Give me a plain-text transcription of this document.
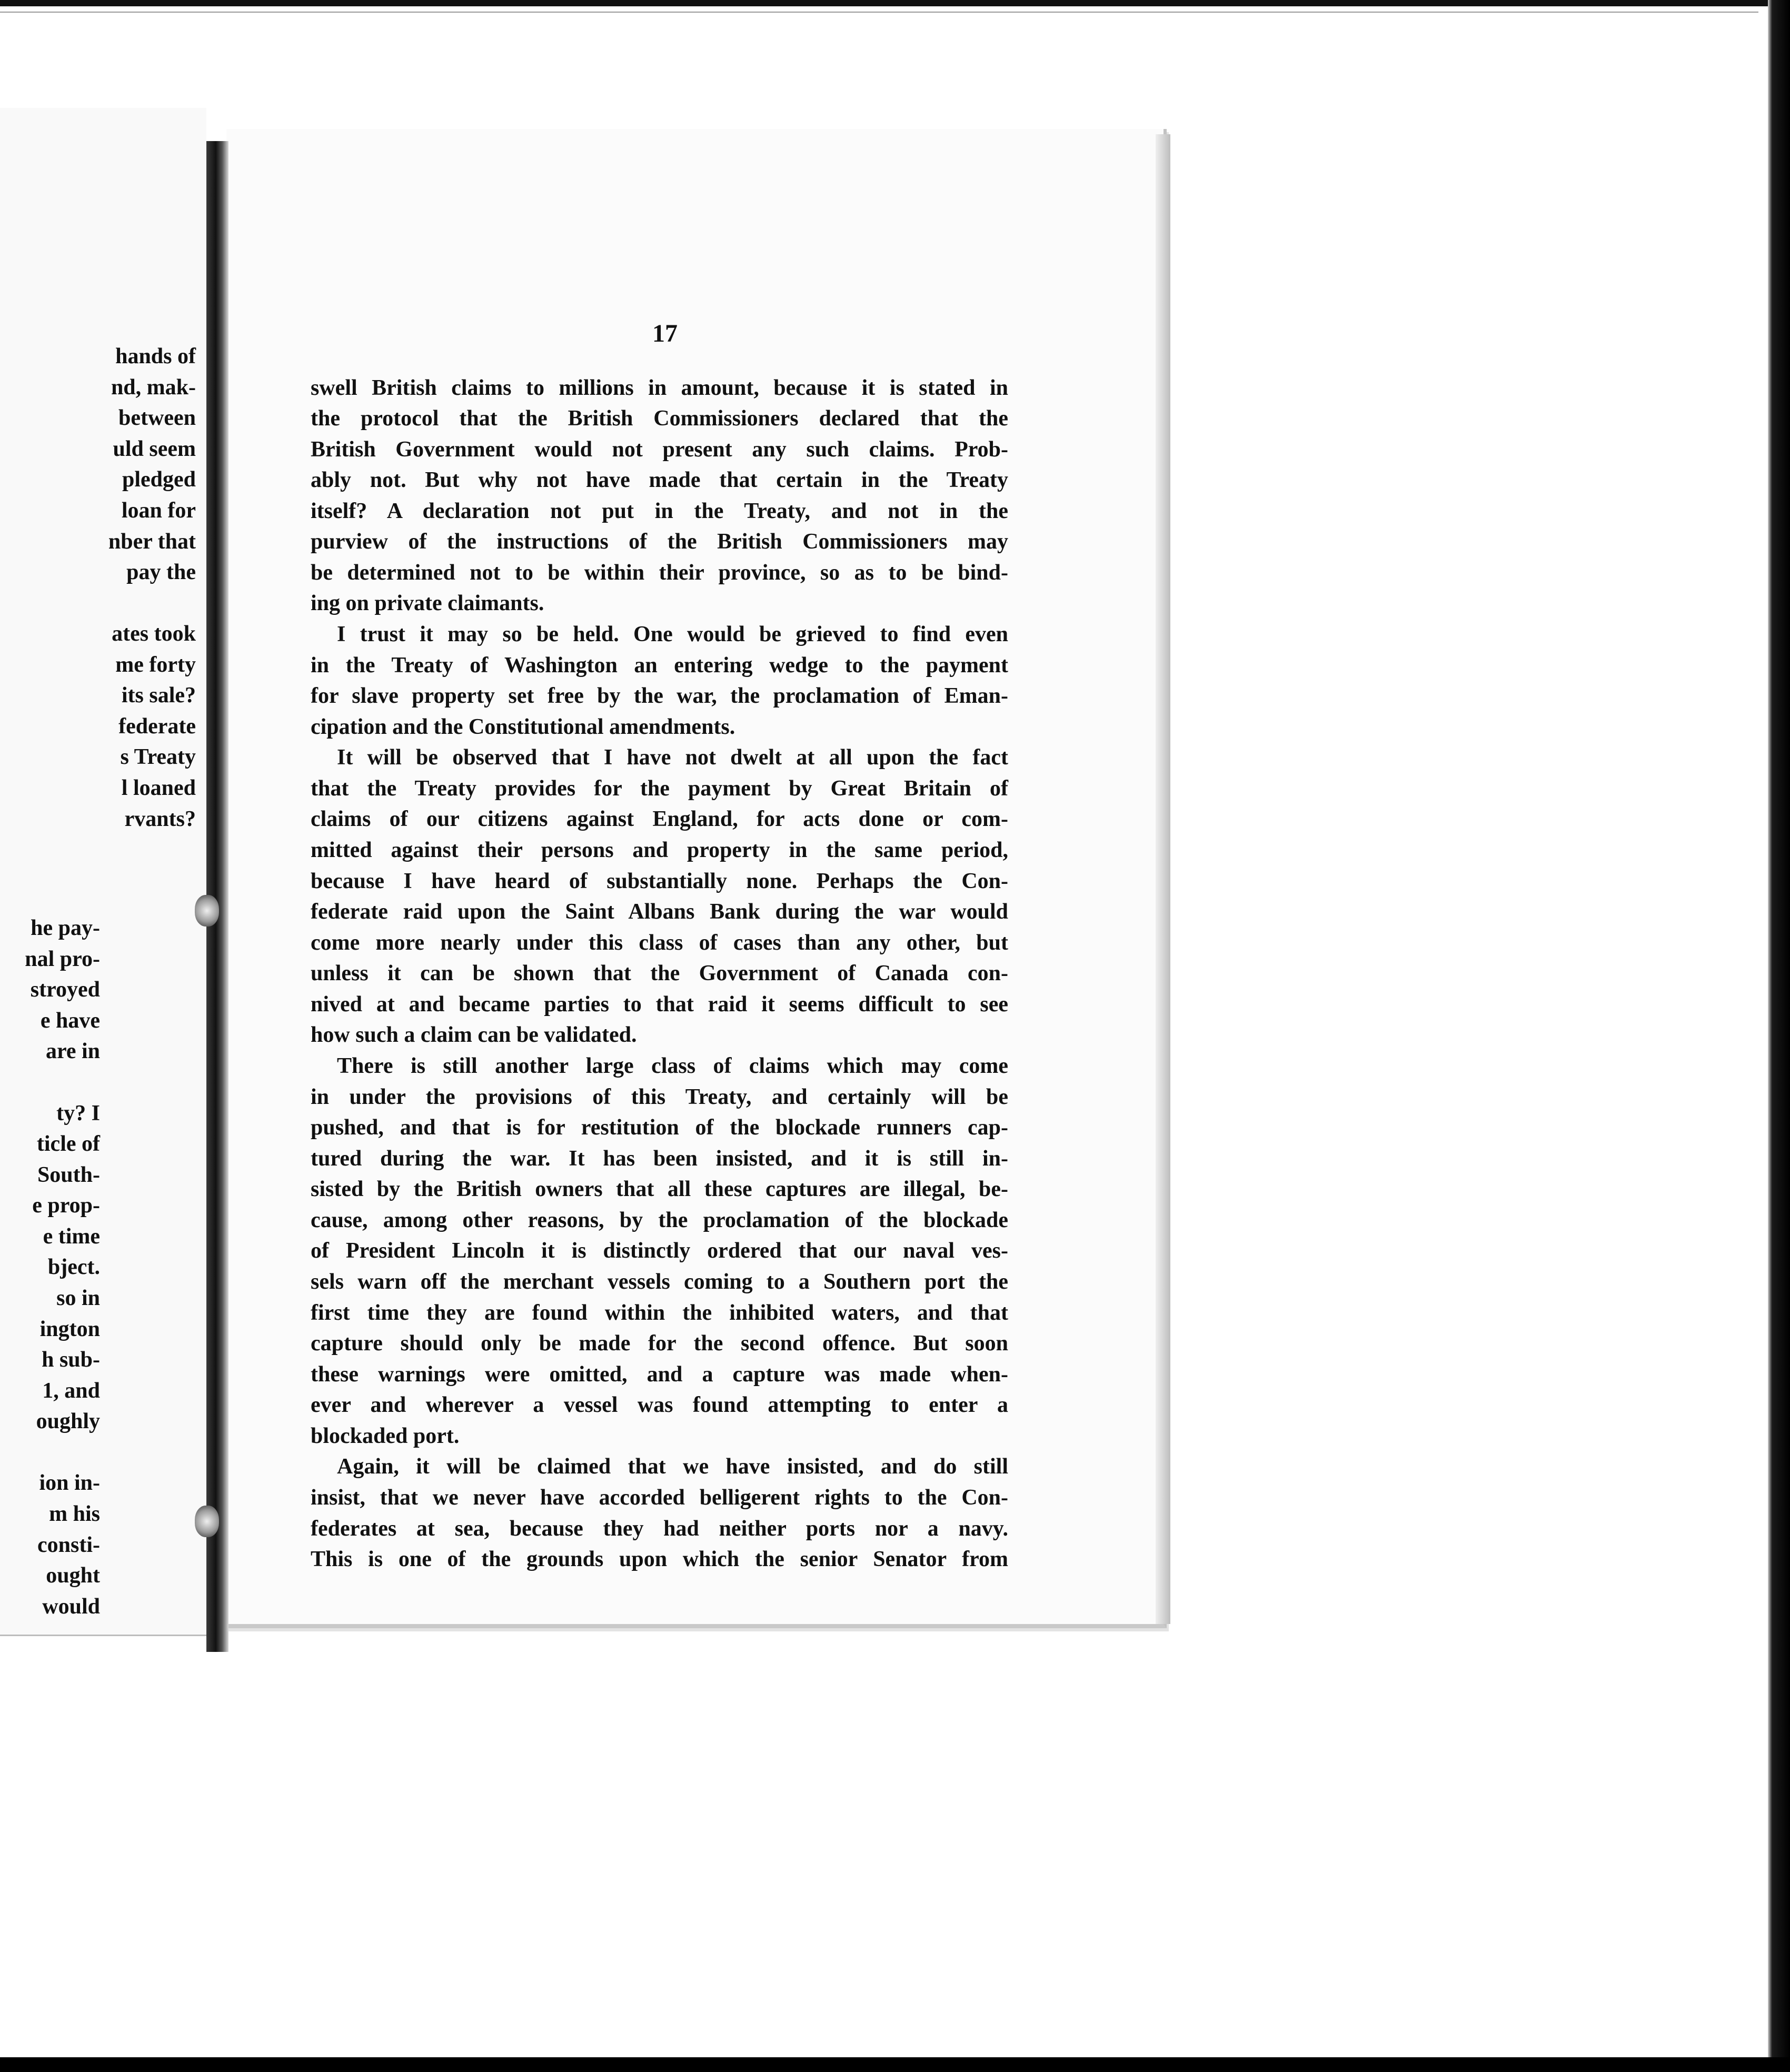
hands of
nd, mak-
between
uld seem
pledged
loan for
nber that
pay the
ates took
me forty
its sale?
federate
s Treaty
l loaned
rvants?
he pay-
nal pro-
stroyed
e have
are in
ty? I
ticle of
South-
e prop-
e time
bject.
so in
ington
h sub-
1, and
oughly
ion in-
m his
consti-
ought
would
17
swell British claims to millions in amount, because it is stated in
the protocol that the British Commissioners declared that the
British Government would not present any such claims. Prob-
ably not. But why not have made that certain in the Treaty
itself? A declaration not put in the Treaty, and not in the
purview of the instructions of the British Commissioners may
be determined not to be within their province, so as to be bind-
ing on private claimants.
I trust it may so be held. One would be grieved to find even
in the Treaty of Washington an entering wedge to the payment
for slave property set free by the war, the proclamation of Eman-
cipation and the Constitutional amendments.
It will be observed that I have not dwelt at all upon the fact
that the Treaty provides for the payment by Great Britain of
claims of our citizens against England, for acts done or com-
mitted against their persons and property in the same period,
because I have heard of substantially none. Perhaps the Con-
federate raid upon the Saint Albans Bank during the war would
come more nearly under this class of cases than any other, but
unless it can be shown that the Government of Canada con-
nived at and became parties to that raid it seems difficult to see
how such a claim can be validated.
There is still another large class of claims which may come
in under the provisions of this Treaty, and certainly will be
pushed, and that is for restitution of the blockade runners cap-
tured during the war. It has been insisted, and it is still in-
sisted by the British owners that all these captures are illegal, be-
cause, among other reasons, by the proclamation of the blockade
of President Lincoln it is distinctly ordered that our naval ves-
sels warn off the merchant vessels coming to a Southern port the
first time they are found within the inhibited waters, and that
capture should only be made for the second offence. But soon
these warnings were omitted, and a capture was made when-
ever and wherever a vessel was found attempting to enter a
blockaded port.
Again, it will be claimed that we have insisted, and do still
insist, that we never have accorded belligerent rights to the Con-
federates at sea, because they had neither ports nor a navy.
This is one of the grounds upon which the senior Senator from
